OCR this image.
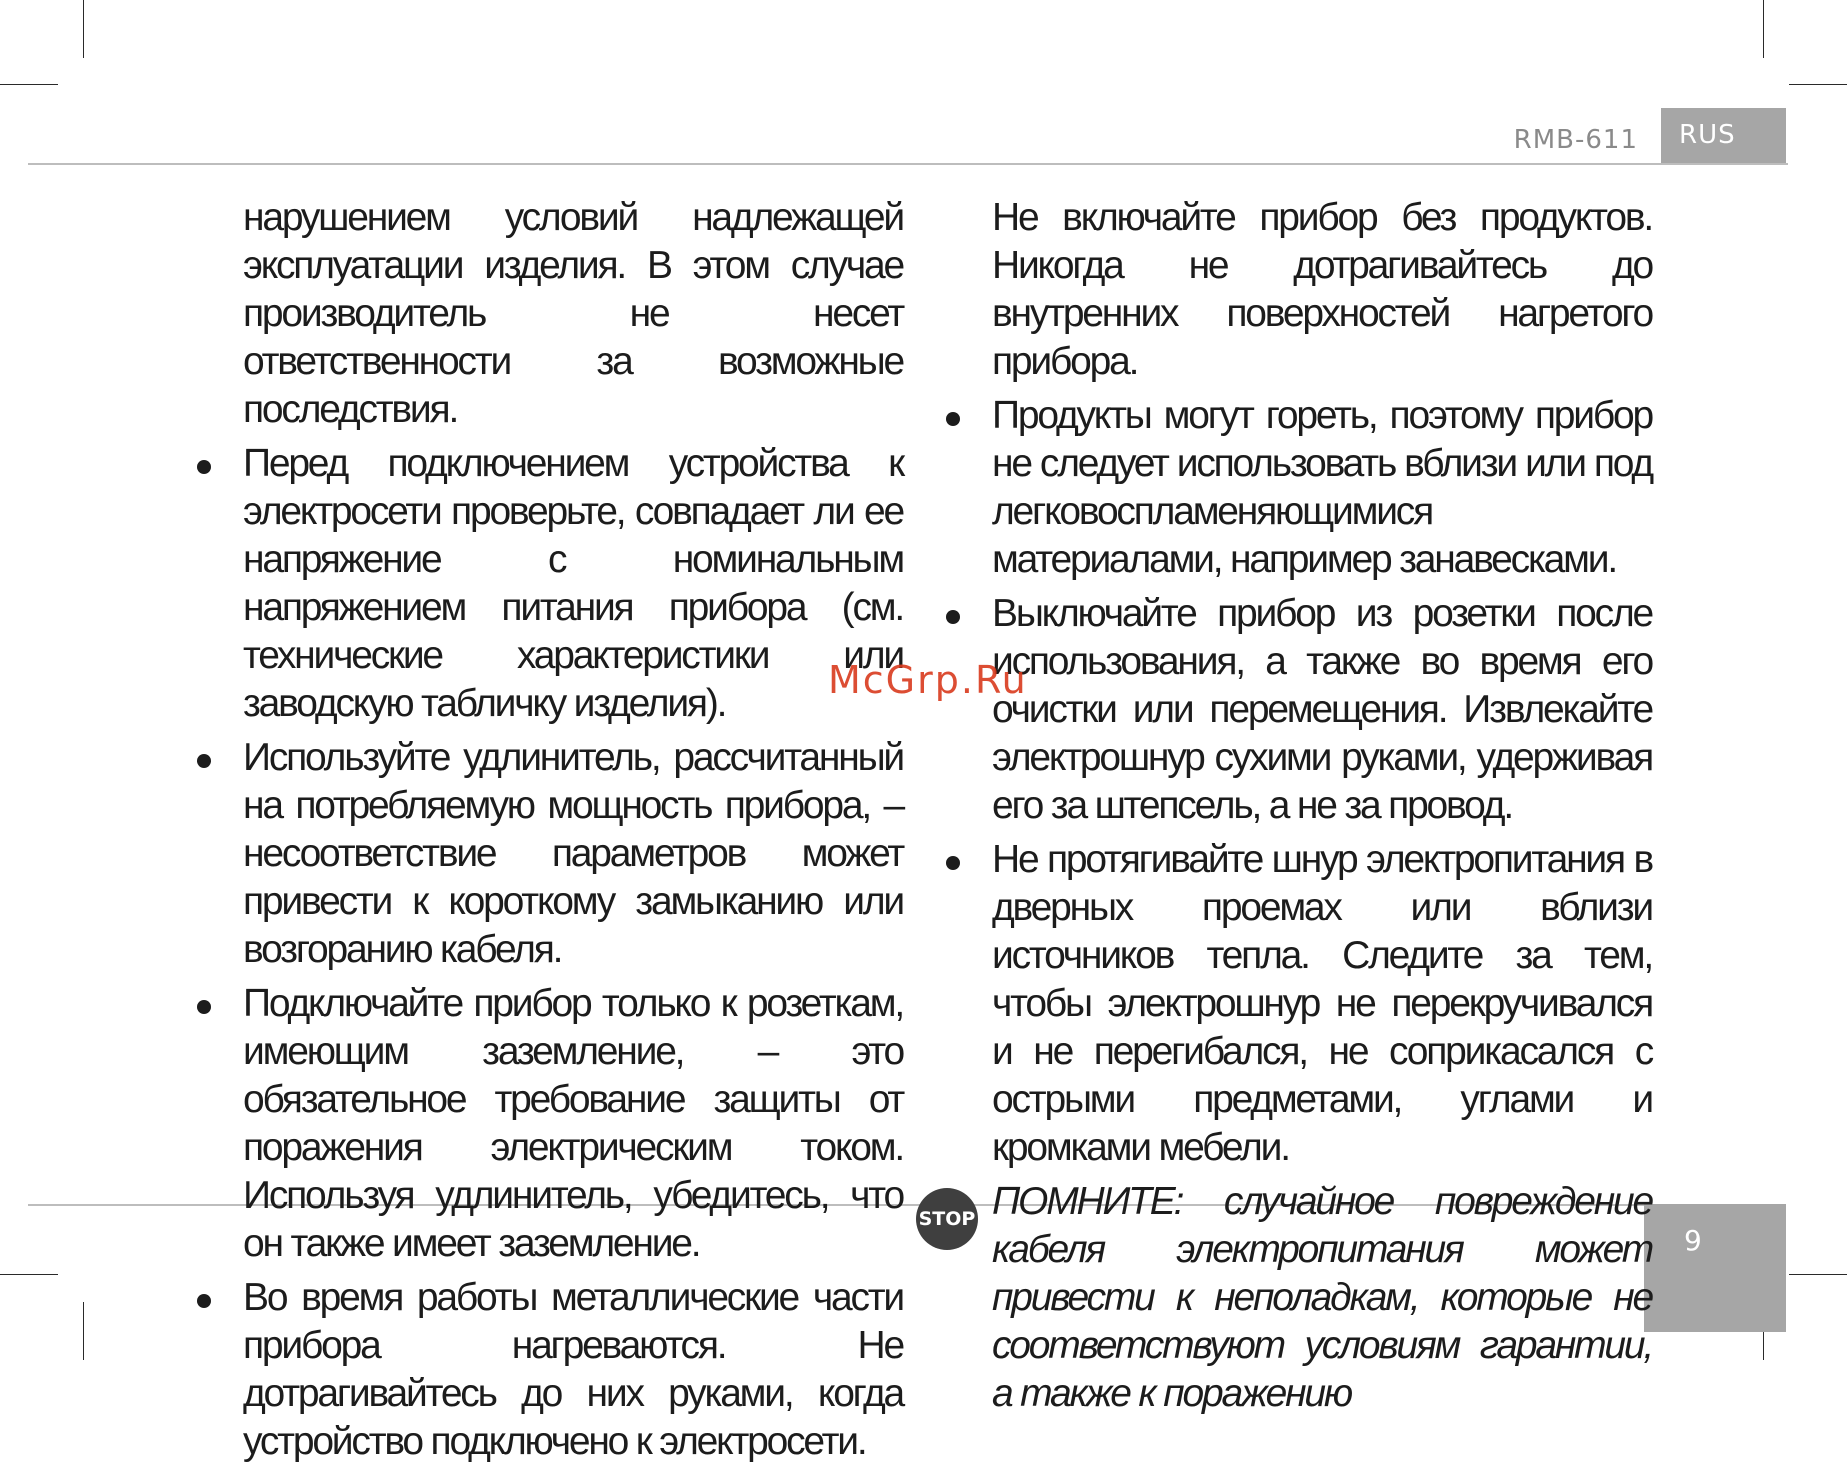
RMB-611 RUS
9

нарушением условий надлежащей эксплуатации изделия. В этом случае производитель не несет ответственности за возможные последствия.

Перед подключением устройства к электросети проверьте, совпадает ли ее напряжение с номинальным напряжением питания прибора (см. технические характеристики или заводскую табличку изделия).

Используйте удлинитель, рассчитанный на потребляемую мощность прибора, – несоответствие параметров может привести к короткому замыканию или возгоранию кабеля.

Подключайте прибор только к розеткам, имеющим заземление, – это обязательное требование защиты от поражения электрическим током. Используя удлинитель, убедитесь, что он также имеет заземление.

Во время работы металлические части прибора нагреваются. Не дотрагивайтесь до них руками, когда устройство подключено к электросети.

Не включайте прибор без продуктов. Никогда не дотрагивайтесь до внутренних поверхностей нагретого прибора.

Продукты могут гореть, поэтому прибор не следует использовать вблизи или под легковоспламеняющимися материалами, например занавесками.

Выключайте прибор из розетки после использования, а также во время его очистки или перемещения. Извлекайте электрошнур сухими руками, удерживая его за штепсель, а не за провод.

Не протягивайте шнур электропитания в дверных проемах или вблизи источников тепла. Следите за тем, чтобы электрошнур не перекручивался и не перегибался, не соприкасался с острыми предметами, углами и кромками мебели.

STOP ПОМНИТЕ: случайное повреждение кабеля электропитания может привести к неполадкам, которые не соответствуют условиям гарантии, а также к поражению

McGrp.Ru
